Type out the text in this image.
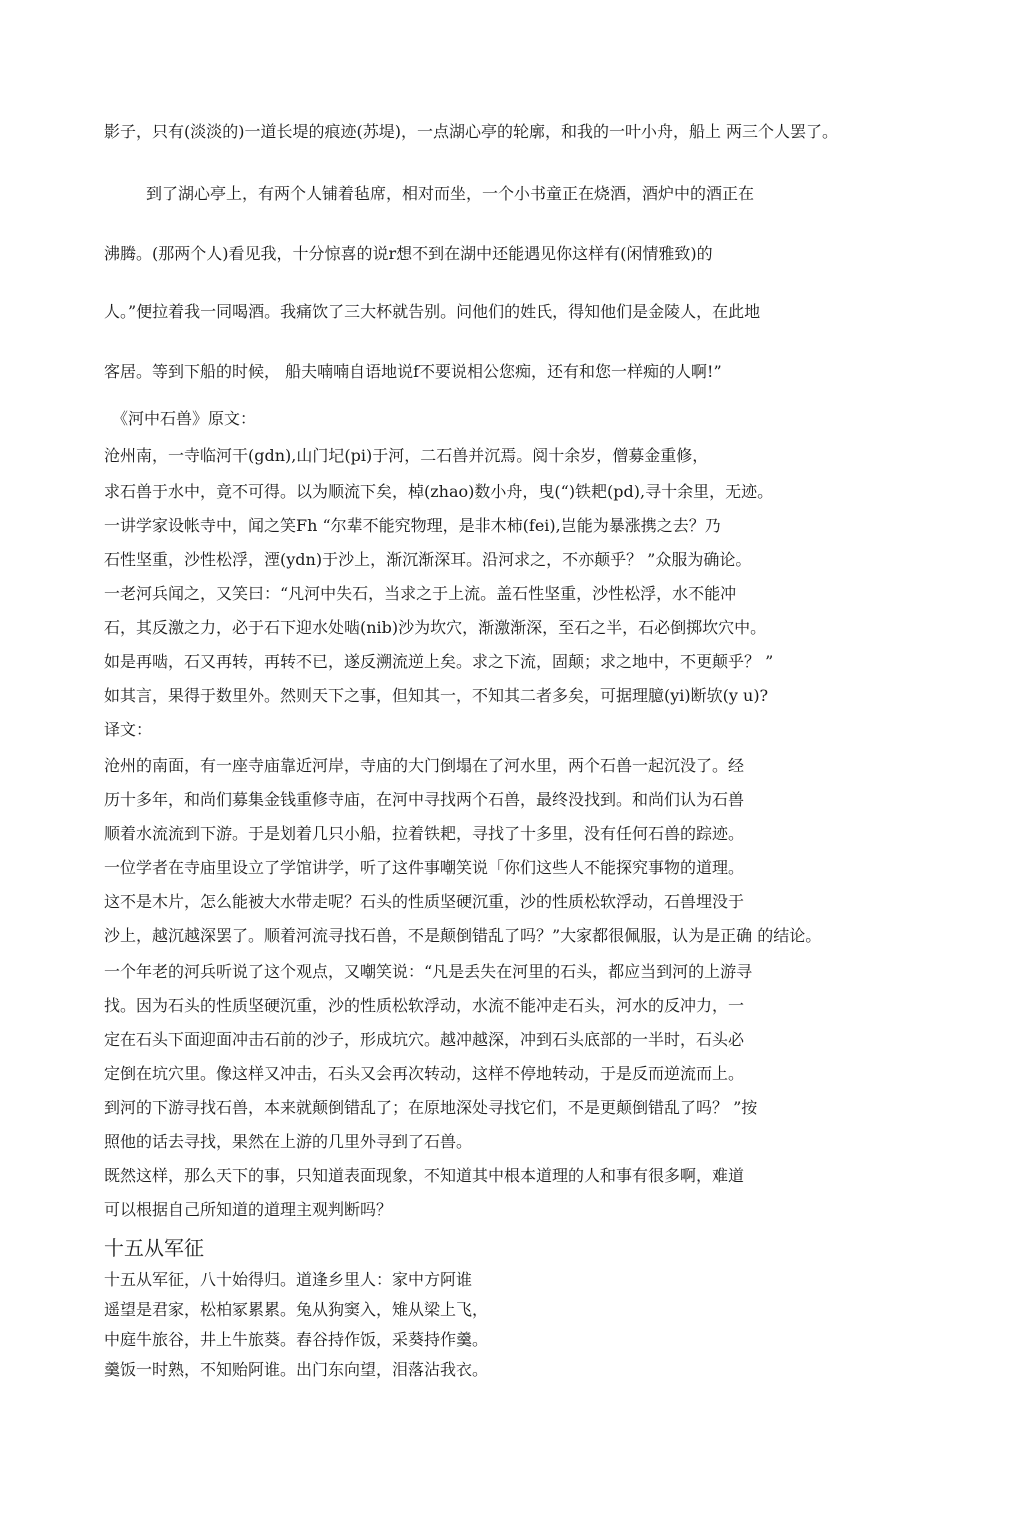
影子，只有(淡淡的)一道长堤的痕迹(苏堤)，一点湖心亭的轮廓，和我的一叶小舟，船上 两三个人罢了。
到了湖心亭上，有两个人铺着毡席，相对而坐，一个小书童正在烧酒，酒炉中的酒正在
沸腾。(那两个人)看见我，十分惊喜的说r想不到在湖中还能遇见你这样有(闲情雅致)的
人。”便拉着我一同喝酒。我痛饮了三大杯就告别。问他们的姓氏，得知他们是金陵人，在此地
客居。等到下船的时候， 船夫喃喃自语地说f不要说相公您痴，还有和您一样痴的人啊!”
《河中石兽》原文：
沧州南，一寺临河干(gdn),山门圮(pi)于河，二石兽并沉焉。阅十余岁，僧募金重修，
求石兽于水中，竟不可得。以为顺流下矣，棹(zhao)数小舟，曳(“)铁耙(pd),寻十余里，无迹。
一讲学家设帐寺中，闻之笑Fh “尔辈不能究物理，是非木柿(fei),岂能为暴涨携之去？乃
石性坚重，沙性松浮，湮(ydn)于沙上，渐沉渐深耳。沿河求之，不亦颠乎？ ”众服为确论。
一老河兵闻之，又笑曰：“凡河中失石，当求之于上流。盖石性坚重，沙性松浮，水不能冲
石，其反激之力，必于石下迎水处啮(nib)沙为坎穴，渐激渐深，至石之半，石必倒掷坎穴中。
如是再啮，石又再转，再转不已，遂反溯流逆上矣。求之下流，固颠；求之地中，不更颠乎？ ”
如其言，果得于数里外。然则天下之事，但知其一，不知其二者多矣，可据理臆(yi)断欤(y u)?
译文：
沧州的南面，有一座寺庙靠近河岸，寺庙的大门倒塌在了河水里，两个石兽一起沉没了。经
历十多年，和尚们募集金钱重修寺庙，在河中寻找两个石兽，最终没找到。和尚们认为石兽
顺着水流流到下游。于是划着几只小船，拉着铁耙，寻找了十多里，没有任何石兽的踪迹。
一位学者在寺庙里设立了学馆讲学，听了这件事嘲笑说「你们这些人不能探究事物的道理。
这不是木片，怎么能被大水带走呢？石头的性质坚硬沉重，沙的性质松软浮动，石兽埋没于
沙上，越沉越深罢了。顺着河流寻找石兽，不是颠倒错乱了吗？”大家都很佩服，认为是正确 的结论。
一个年老的河兵听说了这个观点，又嘲笑说：“凡是丢失在河里的石头，都应当到河的上游寻
找。因为石头的性质坚硬沉重，沙的性质松软浮动，水流不能冲走石头，河水的反冲力，一
定在石头下面迎面冲击石前的沙子，形成坑穴。越冲越深，冲到石头底部的一半时，石头必
定倒在坑穴里。像这样又冲击，石头又会再次转动，这样不停地转动，于是反而逆流而上。
到河的下游寻找石兽，本来就颠倒错乱了；在原地深处寻找它们，不是更颠倒错乱了吗？ ”按
照他的话去寻找，果然在上游的几里外寻到了石兽。
既然这样，那么天下的事，只知道表面现象，不知道其中根本道理的人和事有很多啊，难道
可以根据自己所知道的道理主观判断吗？
十五从军征
十五从军征，八十始得归。道逢乡里人：家中方阿谁
遥望是君家，松柏冢累累。兔从狗窦入，雉从梁上飞，
中庭牛旅谷，井上牛旅葵。舂谷持作饭，采葵持作羹。
羹饭一时熟，不知贻阿谁。出门东向望，泪落沾我衣。
